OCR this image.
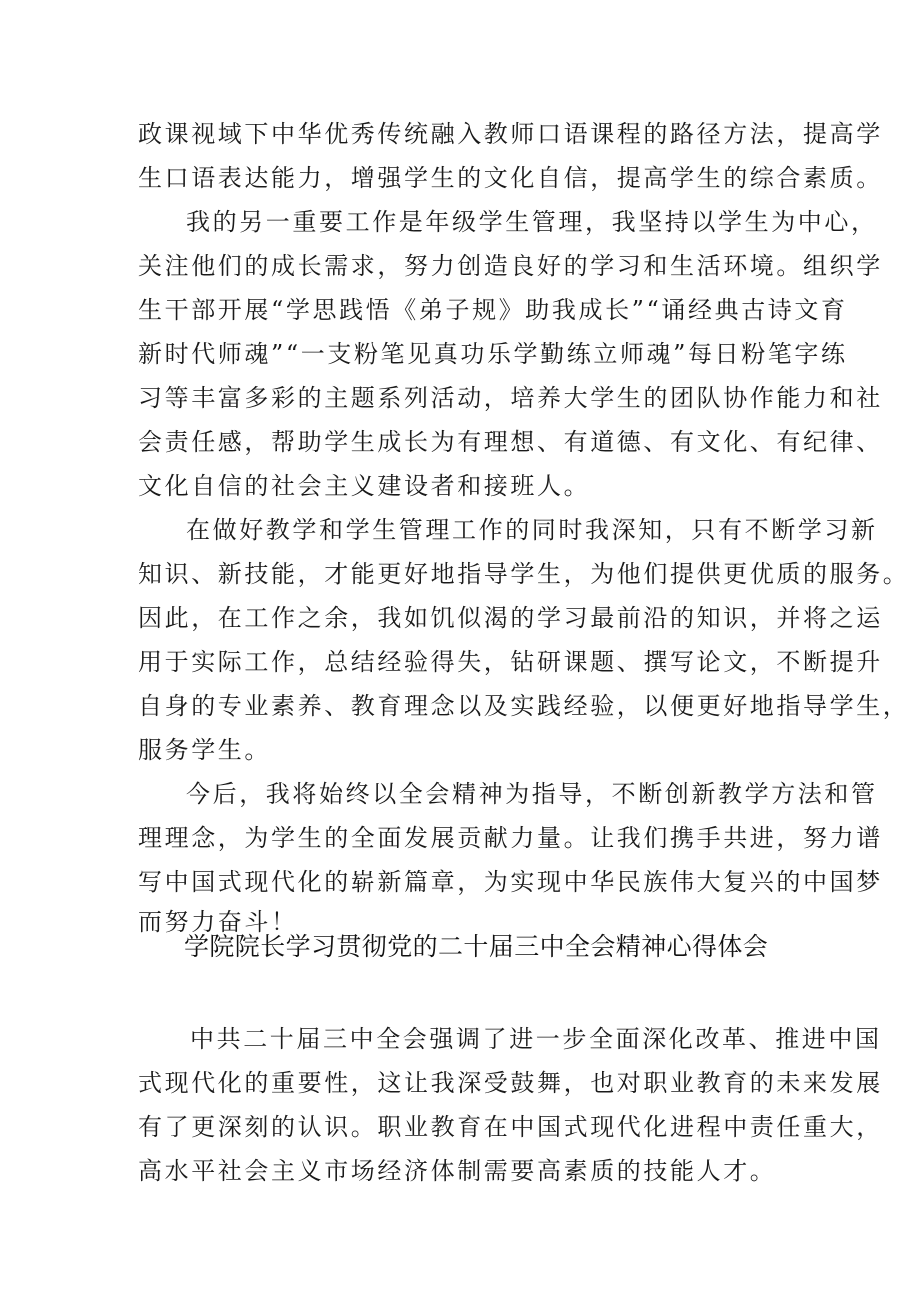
政课视域下中华优秀传统融入教师口语课程的路径方法，提高学
生口语表达能力，增强学生的文化自信，提高学生的综合素质。
我的另一重要工作是年级学生管理，我坚持以学生为中心，
关注他们的成长需求，努力创造良好的学习和生活环境。组织学
生干部开展“学思践悟《弟子规》助我成长”“诵经典古诗文育
新时代师魂”“一支粉笔见真功乐学勤练立师魂”每日粉笔字练
习等丰富多彩的主题系列活动，培养大学生的团队协作能力和社
会责任感，帮助学生成长为有理想、有道德、有文化、有纪律、
文化自信的社会主义建设者和接班人。
在做好教学和学生管理工作的同时我深知，只有不断学习新
知识、新技能，才能更好地指导学生，为他们提供更优质的服务。
因此，在工作之余，我如饥似渴的学习最前沿的知识，并将之运
用于实际工作，总结经验得失，钻研课题、撰写论文，不断提升
自身的专业素养、教育理念以及实践经验，以便更好地指导学生，
服务学生。
今后，我将始终以全会精神为指导，不断创新教学方法和管
理理念，为学生的全面发展贡献力量。让我们携手共进，努力谱
写中国式现代化的崭新篇章，为实现中华民族伟大复兴的中国梦
而努力奋斗！
学院院长学习贯彻党的二十届三中全会精神心得体会
中共二十届三中全会强调了进一步全面深化改革、推进中国
式现代化的重要性，这让我深受鼓舞，也对职业教育的未来发展
有了更深刻的认识。职业教育在中国式现代化进程中责任重大，
高水平社会主义市场经济体制需要高素质的技能人才。
